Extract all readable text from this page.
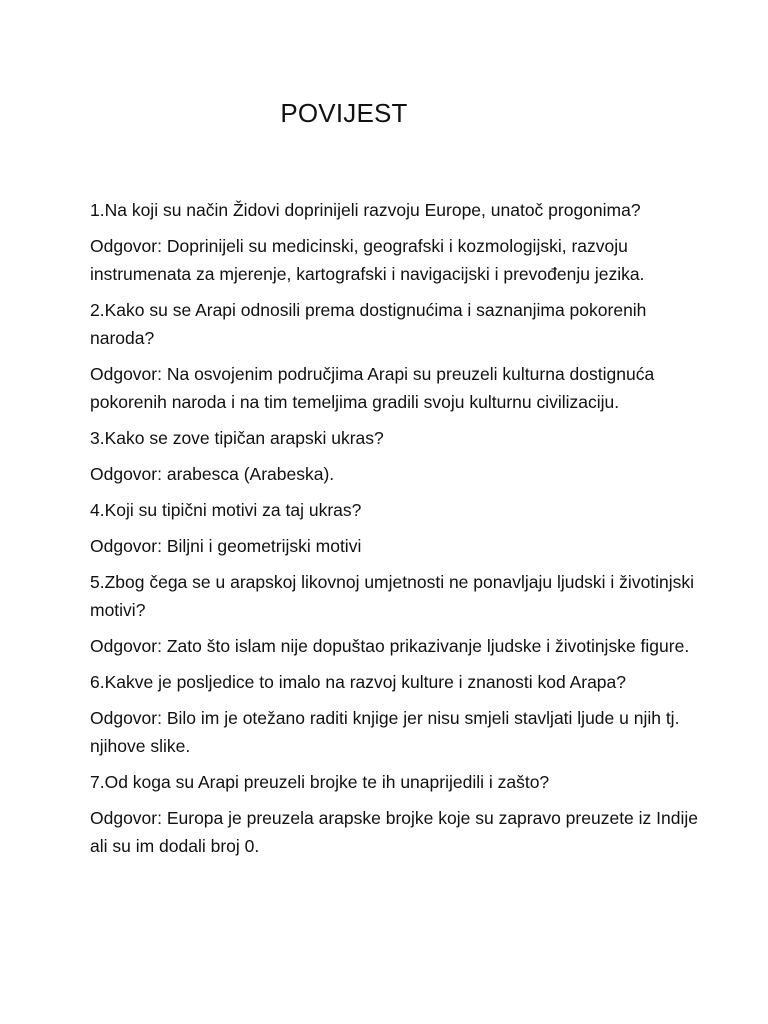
POVIJEST

1.Na koji su način Židovi doprinijeli razvoju Europe, unatoč progonima?

Odgovor: Doprinijeli su medicinski, geografski i kozmologijski, razvoju instrumenata za mjerenje, kartografski i navigacijski i prevođenju jezika.

2.Kako su se Arapi odnosili prema dostignućima i saznanjima pokorenih naroda?

Odgovor: Na osvojenim područjima Arapi su preuzeli kulturna dostignuća pokorenih naroda i na tim temeljima gradili svoju kulturnu civilizaciju.

3.Kako se zove tipičan arapski ukras?

Odgovor: arabesca (Arabeska).

4.Koji su tipični motivi za taj ukras?

Odgovor: Biljni i geometrijski motivi

5.Zbog čega se u arapskoj likovnoj umjetnosti ne ponavljaju ljudski i životinjski motivi?

Odgovor: Zato što islam nije dopuštao prikazivanje ljudske i životinjske figure.

6.Kakve je posljedice to imalo na razvoj kulture i znanosti kod Arapa?

Odgovor: Bilo im je otežano raditi knjige jer nisu smjeli stavljati ljude u njih tj. njihove slike.

7.Od koga su Arapi preuzeli brojke te ih unaprijedili i zašto?

Odgovor: Europa je preuzela arapske brojke koje su zapravo preuzete iz Indije ali su im dodali broj 0.
